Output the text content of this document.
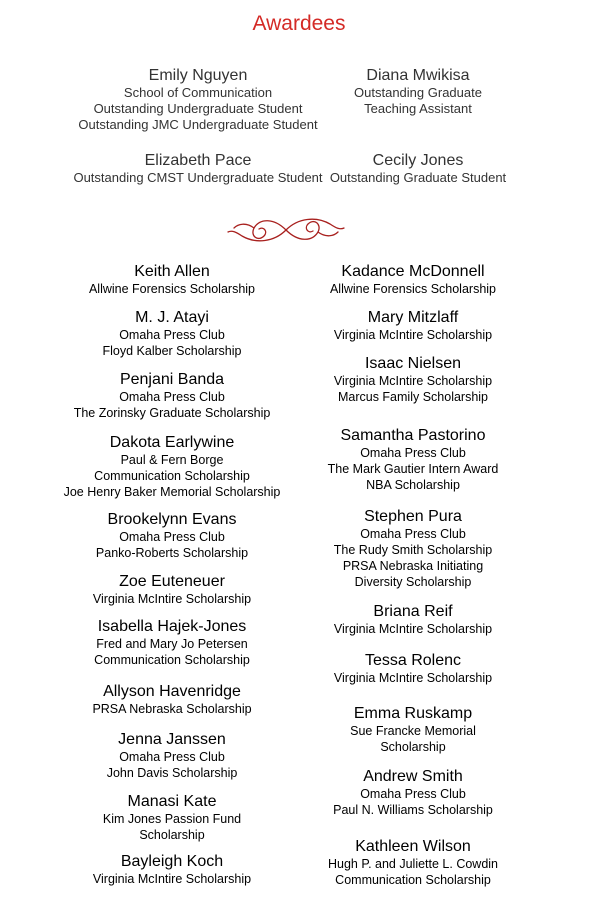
Awardees
Emily Nguyen
School of Communication
Outstanding Undergraduate Student
Outstanding JMC Undergraduate Student
Diana Mwikisa
Outstanding Graduate
Teaching Assistant
Elizabeth Pace
Outstanding CMST Undergraduate Student
Cecily Jones
Outstanding Graduate Student
Keith Allen
Allwine Forensics Scholarship
M. J. Atayi
Omaha Press Club
Floyd Kalber Scholarship
Penjani Banda
Omaha Press Club
The Zorinsky Graduate Scholarship
Dakota Earlywine
Paul & Fern Borge
Communication Scholarship
Joe Henry Baker Memorial Scholarship
Brookelynn Evans
Omaha Press Club
Panko-Roberts Scholarship
Zoe Euteneuer
Virginia McIntire Scholarship
Isabella Hajek-Jones
Fred and Mary Jo Petersen
Communication Scholarship
Allyson Havenridge
PRSA Nebraska Scholarship
Jenna Janssen
Omaha Press Club
John Davis Scholarship
Manasi Kate
Kim Jones Passion Fund
Scholarship
Bayleigh Koch
Virginia McIntire Scholarship
Kadance McDonnell
Allwine Forensics Scholarship
Mary Mitzlaff
Virginia McIntire Scholarship
Isaac Nielsen
Virginia McIntire Scholarship
Marcus Family Scholarship
Samantha Pastorino
Omaha Press Club
The Mark Gautier Intern Award
NBA Scholarship
Stephen Pura
Omaha Press Club
The Rudy Smith Scholarship
PRSA Nebraska Initiating
Diversity Scholarship
Briana Reif
Virginia McIntire Scholarship
Tessa Rolenc
Virginia McIntire Scholarship
Emma Ruskamp
Sue Francke Memorial
Scholarship
Andrew Smith
Omaha Press Club
Paul N. Williams Scholarship
Kathleen Wilson
Hugh P. and Juliette L. Cowdin
Communication Scholarship
